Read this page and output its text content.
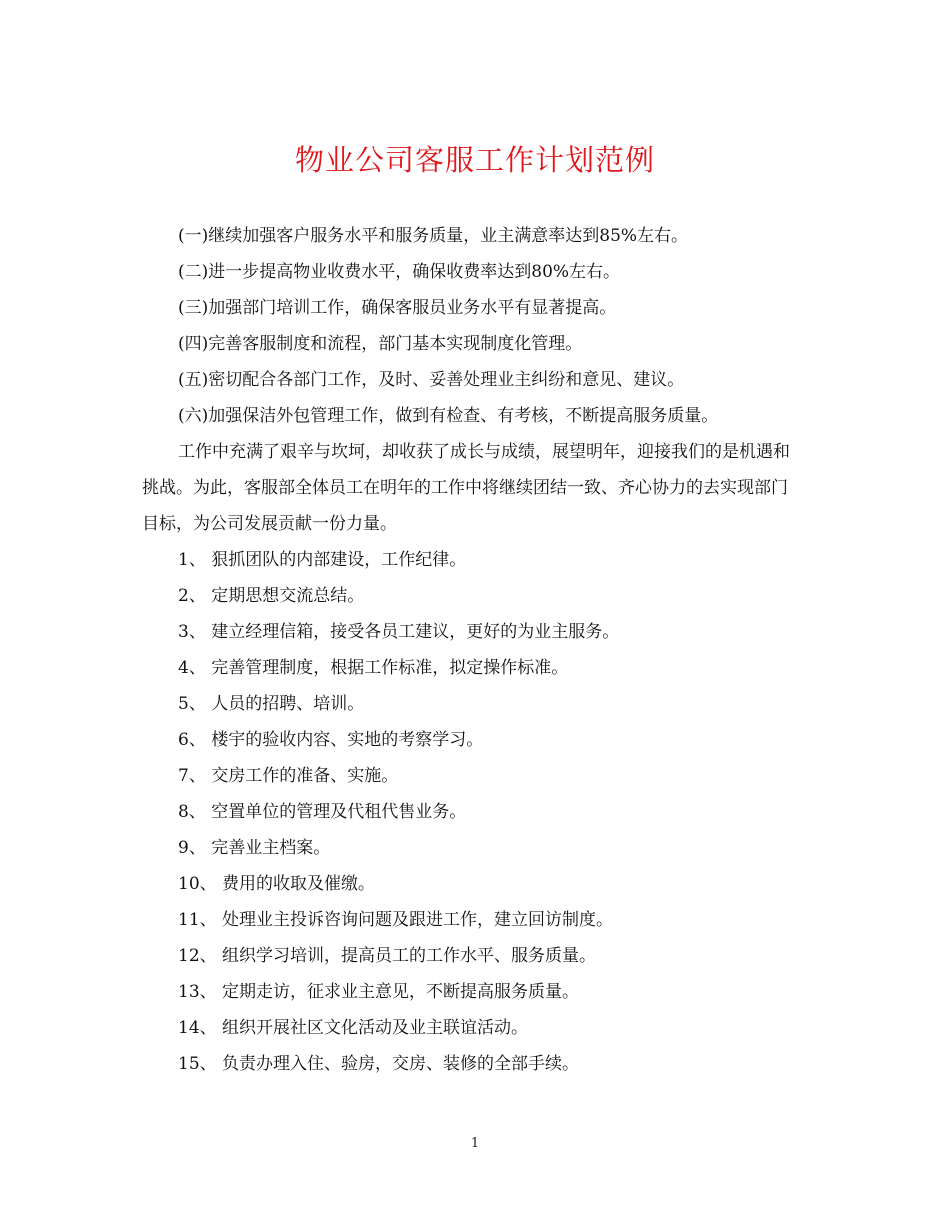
物业公司客服工作计划范例

(一)继续加强客户服务水平和服务质量，业主满意率达到85%左右。

(二)进一步提高物业收费水平，确保收费率达到80%左右。

(三)加强部门培训工作，确保客服员业务水平有显著提高。

(四)完善客服制度和流程，部门基本实现制度化管理。

(五)密切配合各部门工作，及时、妥善处理业主纠纷和意见、建议。

(六)加强保洁外包管理工作，做到有检查、有考核，不断提高服务质量。

工作中充满了艰辛与坎坷，却收获了成长与成绩，展望明年，迎接我们的是机遇和挑战。为此，客服部全体员工在明年的工作中将继续团结一致、齐心协力的去实现部门目标，为公司发展贡献一份力量。

1、 狠抓团队的内部建设，工作纪律。

2、 定期思想交流总结。

3、 建立经理信箱，接受各员工建议，更好的为业主服务。

4、 完善管理制度，根据工作标准，拟定操作标准。

5、 人员的招聘、培训。

6、 楼宇的验收内容、实地的考察学习。

7、 交房工作的准备、实施。

8、 空置单位的管理及代租代售业务。

9、 完善业主档案。

10、 费用的收取及催缴。

11、 处理业主投诉咨询问题及跟进工作，建立回访制度。

12、 组织学习培训，提高员工的工作水平、服务质量。

13、 定期走访，征求业主意见，不断提高服务质量。

14、 组织开展社区文化活动及业主联谊活动。

15、 负责办理入住、验房，交房、装修的全部手续。

1
